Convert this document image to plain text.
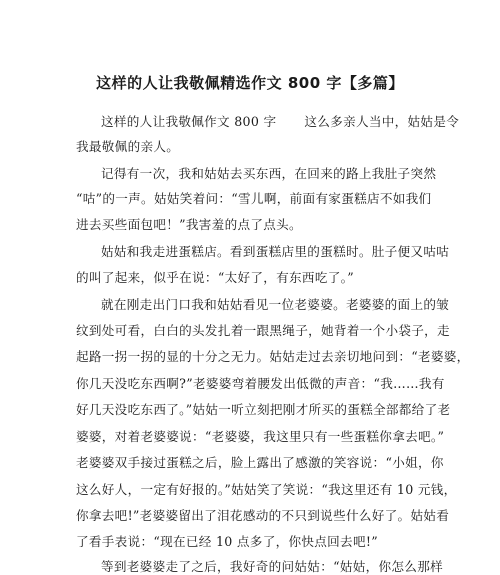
这样的人让我敬佩精选作文 800 字【多篇】
这样的人让我敬佩作文 800 字 这么多亲人当中，姑姑是令
我最敬佩的亲人。
记得有一次，我和姑姑去买东西，在回来的路上我肚子突然
“咕”的一声。姑姑笑着问：“雪儿啊，前面有家蛋糕店不如我们
进去买些面包吧！”我害羞的点了点头。
姑姑和我走进蛋糕店。看到蛋糕店里的蛋糕时。肚子便又咕咕
的叫了起来，似乎在说：“太好了，有东西吃了。”
就在刚走出门口我和姑姑看见一位老婆婆。老婆婆的面上的皱
纹到处可看，白白的头发扎着一跟黑绳子，她背着一个小袋子，走
起路一拐一拐的显的十分之无力。姑姑走过去亲切地问到：“老婆婆，
你几天没吃东西啊?”老婆婆弯着腰发出低微的声音：“我……我有
好几天没吃东西了。”姑姑一听立刻把刚才所买的蛋糕全部都给了老
婆婆，对着老婆婆说：“老婆婆，我这里只有一些蛋糕你拿去吧。”
老婆婆双手接过蛋糕之后，脸上露出了感激的笑容说：“小姐，你
这么好人，一定有好报的。”姑姑笑了笑说：“我这里还有 10 元钱，
你拿去吧!”老婆婆留出了泪花感动的不只到说些什么好了。姑姑看
了看手表说：“现在已经 10 点多了，你快点回去吧!”
等到老婆婆走了之后，我好奇的问姑姑：“姑姑，你怎么那样
